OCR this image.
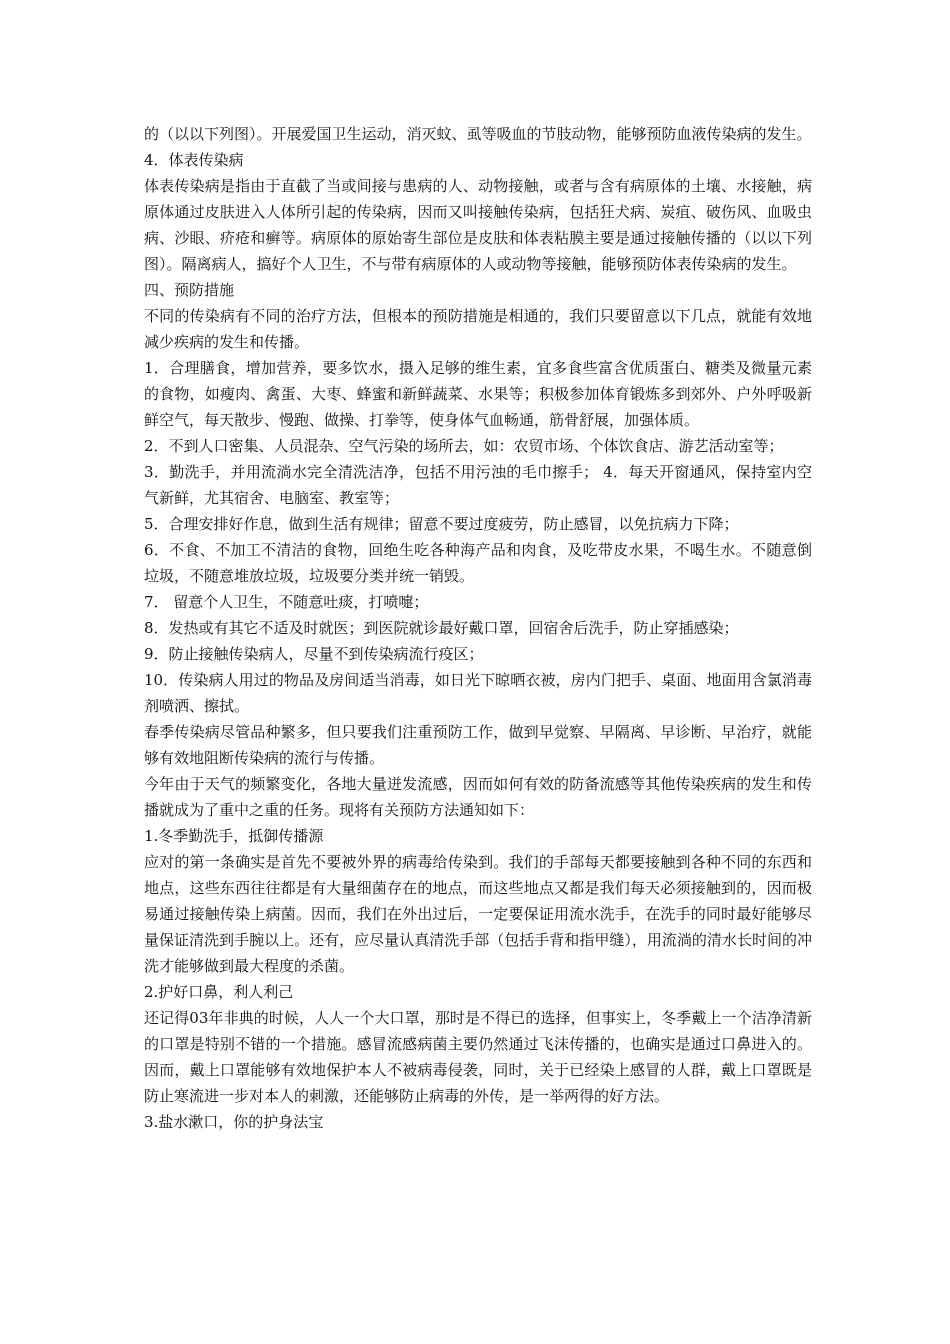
的（以以下列图）。开展爱国卫生运动，消灭蚊、虱等吸血的节肢动物，能够预防血液传染病的发生。

4．体表传染病

体表传染病是指由于直截了当或间接与患病的人、动物接触，或者与含有病原体的土壤、水接触，病原体通过皮肤进入人体所引起的传染病，因而又叫接触传染病，包括狂犬病、炭疽、破伤风、血吸虫病、沙眼、疥疮和癣等。病原体的原始寄生部位是皮肤和体表粘膜主要是通过接触传播的（以以下列图）。隔离病人，搞好个人卫生，不与带有病原体的人或动物等接触，能够预防体表传染病的发生。

四、预防措施

不同的传染病有不同的治疗方法，但根本的预防措施是相通的，我们只要留意以下几点，就能有效地减少疾病的发生和传播。

1．合理膳食，增加营养，要多饮水，摄入足够的维生素，宜多食些富含优质蛋白、糖类及微量元素的食物，如瘦肉、禽蛋、大枣、蜂蜜和新鲜蔬菜、水果等；积极参加体育锻炼多到郊外、户外呼吸新鲜空气，每天散步、慢跑、做操、打拳等，使身体气血畅通，筋骨舒展，加强体质。

2．不到人口密集、人员混杂、空气污染的场所去，如：农贸市场、个体饮食店、游艺活动室等；

3．勤洗手，并用流淌水完全清洗洁净，包括不用污浊的毛巾擦手； 4．每天开窗通风，保持室内空气新鲜，尤其宿舍、电脑室、教室等；

5．合理安排好作息，做到生活有规律；留意不要过度疲劳，防止感冒，以免抗病力下降；

6．不食、不加工不清洁的食物，回绝生吃各种海产品和肉食，及吃带皮水果，不喝生水。不随意倒垃圾，不随意堆放垃圾，垃圾要分类并统一销毁。

7． 留意个人卫生，不随意吐痰，打喷嚏；

8．发热或有其它不适及时就医；到医院就诊最好戴口罩，回宿舍后洗手，防止穿插感染；

9．防止接触传染病人，尽量不到传染病流行疫区；

10．传染病人用过的物品及房间适当消毒，如日光下晾晒衣被，房内门把手、桌面、地面用含氯消毒剂喷洒、擦拭。

春季传染病尽管品种繁多，但只要我们注重预防工作，做到早觉察、早隔离、早诊断、早治疗，就能够有效地阻断传染病的流行与传播。

今年由于天气的频繁变化，各地大量迸发流感，因而如何有效的防备流感等其他传染疾病的发生和传播就成为了重中之重的任务。现将有关预防方法通知如下：

1.冬季勤洗手，抵御传播源

应对的第一条确实是首先不要被外界的病毒给传染到。我们的手部每天都要接触到各种不同的东西和地点，这些东西往往都是有大量细菌存在的地点，而这些地点又都是我们每天必须接触到的，因而极易通过接触传染上病菌。因而，我们在外出过后，一定要保证用流水洗手，在洗手的同时最好能够尽量保证清洗到手腕以上。还有，应尽量认真清洗手部（包括手背和指甲缝），用流淌的清水长时间的冲洗才能够做到最大程度的杀菌。

2.护好口鼻，利人利己

还记得03年非典的时候，人人一个大口罩，那时是不得已的选择，但事实上，冬季戴上一个洁净清新的口罩是特别不错的一个措施。感冒流感病菌主要仍然通过飞沫传播的，也确实是通过口鼻进入的。因而，戴上口罩能够有效地保护本人不被病毒侵袭，同时，关于已经染上感冒的人群，戴上口罩既是防止寒流进一步对本人的刺激，还能够防止病毒的外传，是一举两得的好方法。

3.盐水漱口，你的护身法宝
